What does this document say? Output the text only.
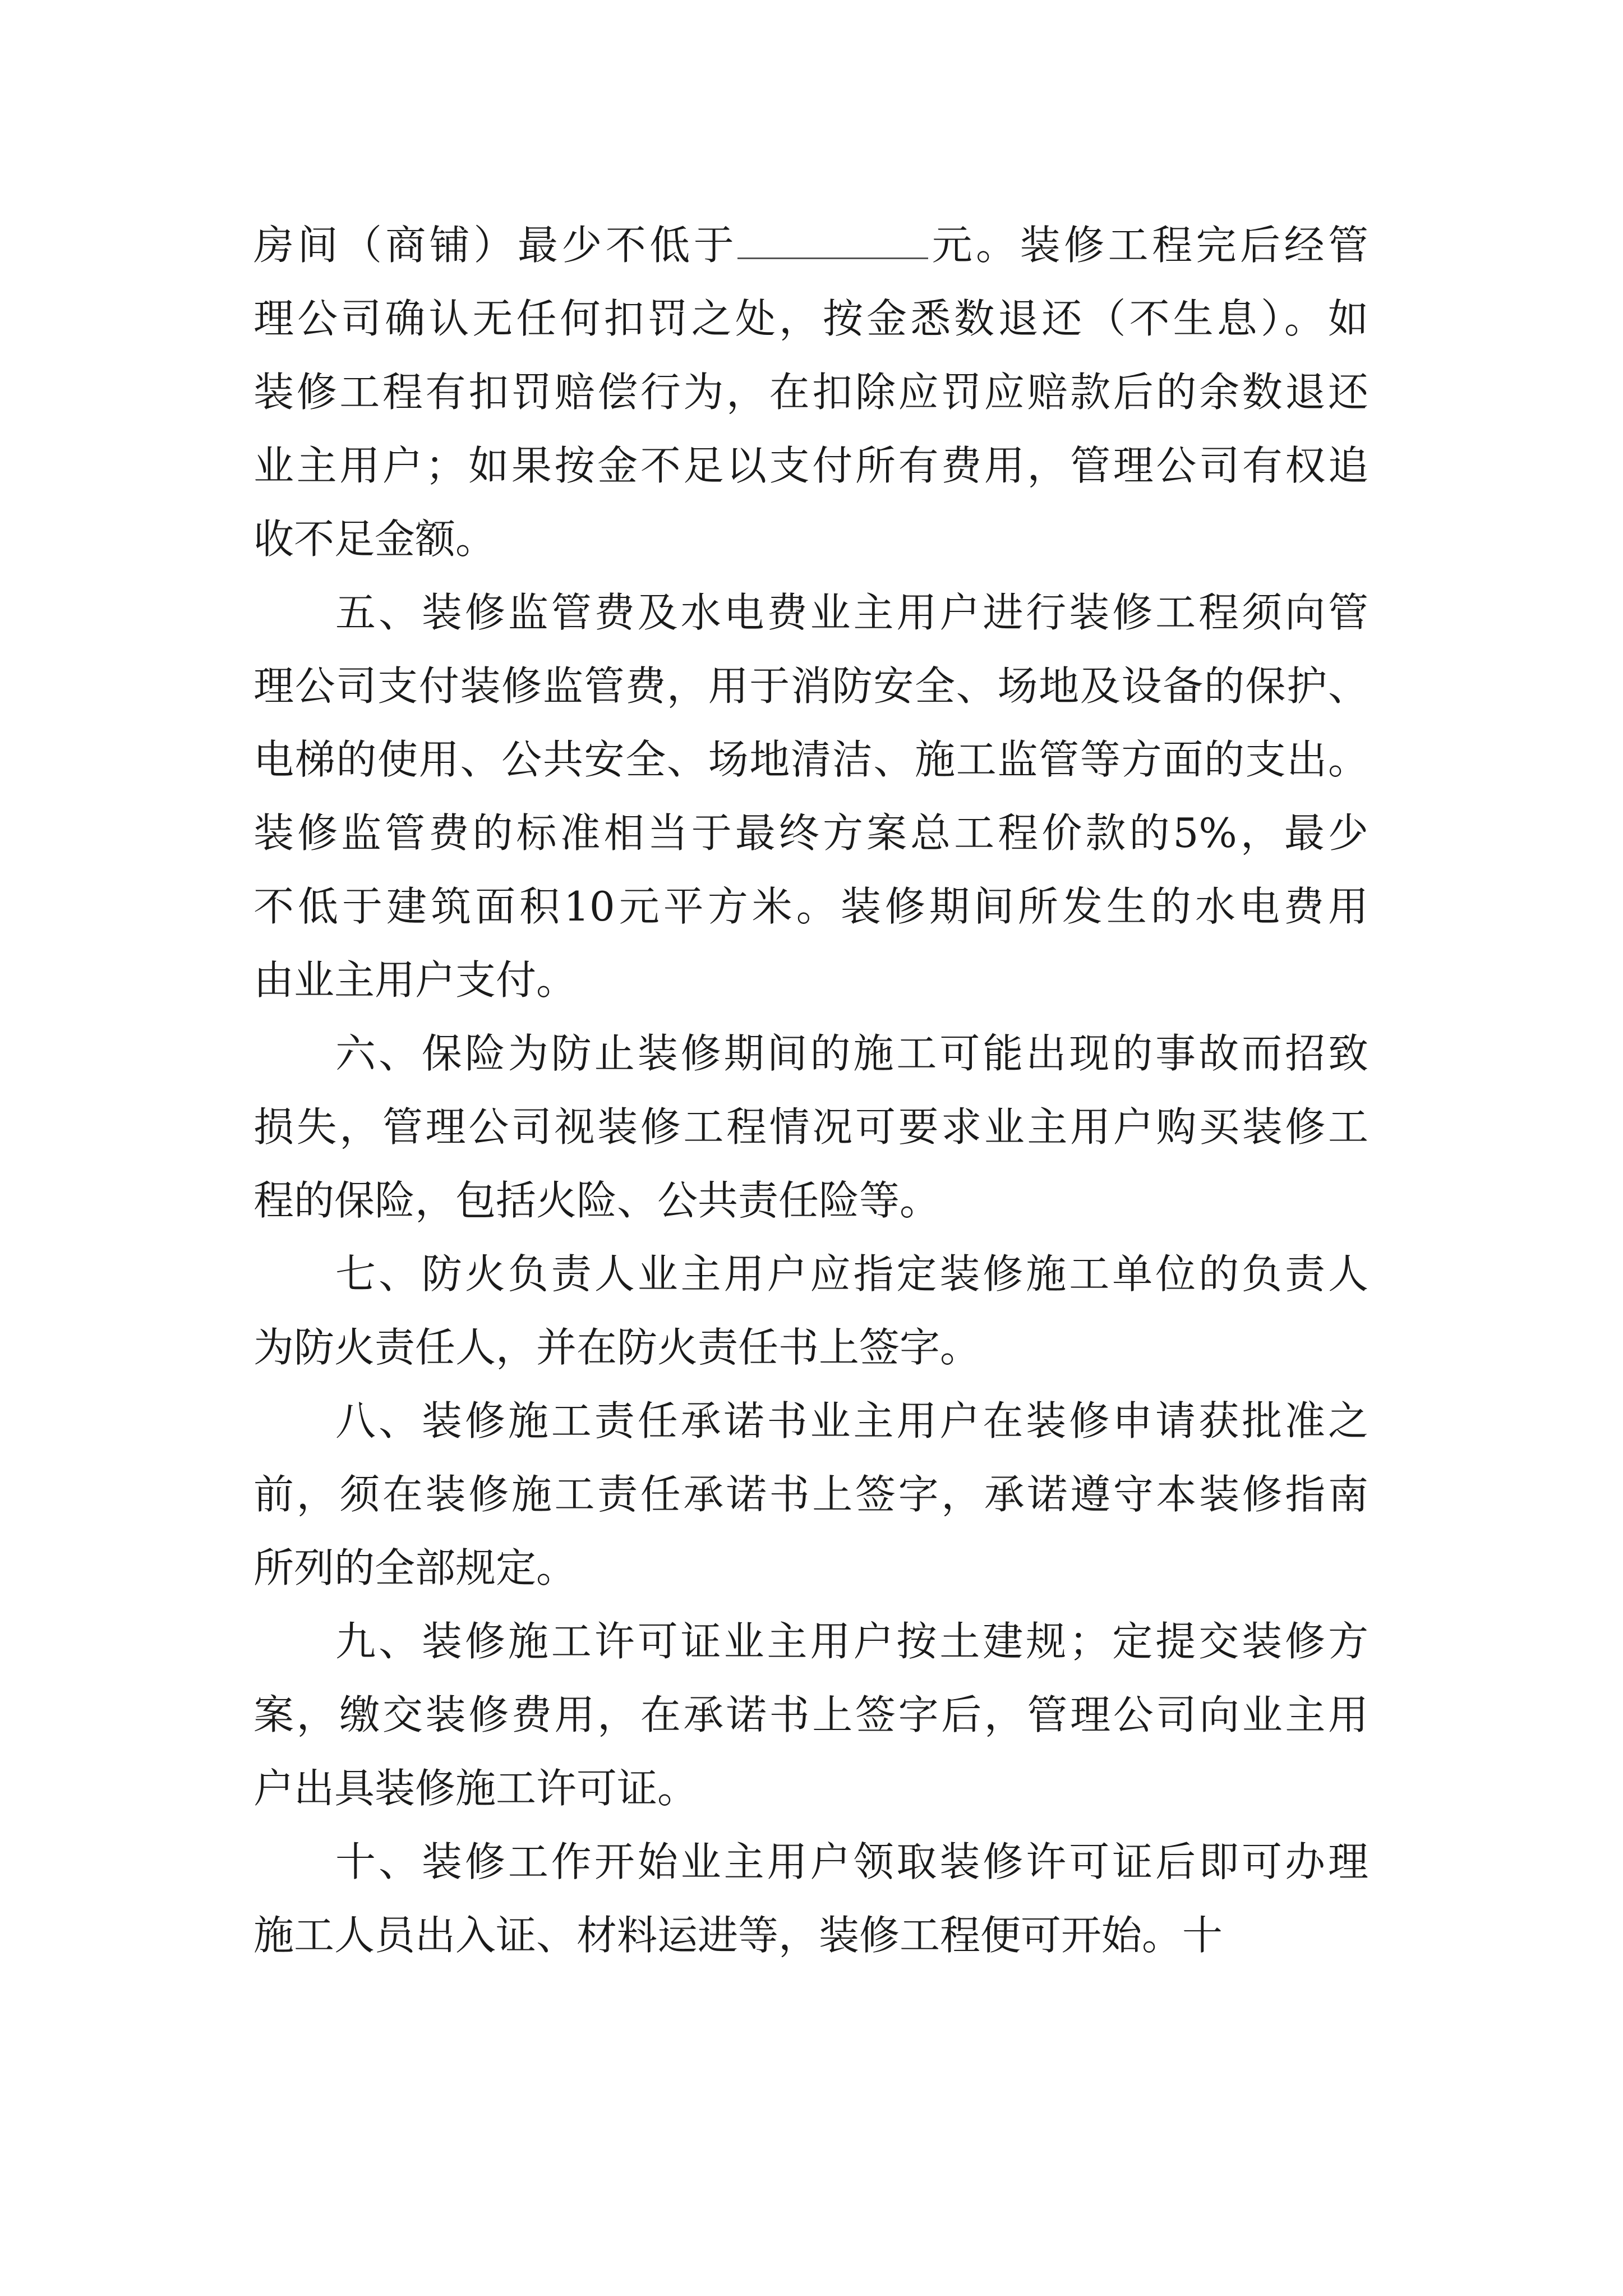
房间（商铺）最少不低于	元。装修工程完后经管
理公司确认无任何扣罚之处，按金悉数退还（不生息）。如
装修工程有扣罚赔偿行为，在扣除应罚应赔款后的余数退还
业主用户；如果按金不足以支付所有费用，管理公司有权追
收不足金额。
五、装修监管费及水电费业主用户进行装修工程须向管
理公司支付装修监管费，用于消防安全、场地及设备的保护、
电梯的使用、公共安全、场地清洁、施工监管等方面的支出。
装修监管费的标准相当于最终方案总工程价款的5%，最少
不低于建筑面积10元平方米。装修期间所发生的水电费用
由业主用户支付。
六、保险为防止装修期间的施工可能出现的事故而招致
损失，管理公司视装修工程情况可要求业主用户购买装修工
程的保险，包括火险、公共责任险等。
七、防火负责人业主用户应指定装修施工单位的负责人
为防火责任人，并在防火责任书上签字。
八、装修施工责任承诺书业主用户在装修申请获批准之
前，须在装修施工责任承诺书上签字，承诺遵守本装修指南
所列的全部规定。
九、装修施工许可证业主用户按土建规；定提交装修方
案，缴交装修费用，在承诺书上签字后，管理公司向业主用
户出具装修施工许可证。
十、装修工作开始业主用户领取装修许可证后即可办理
施工人员出入证、材料运进等，装修工程便可开始。十
